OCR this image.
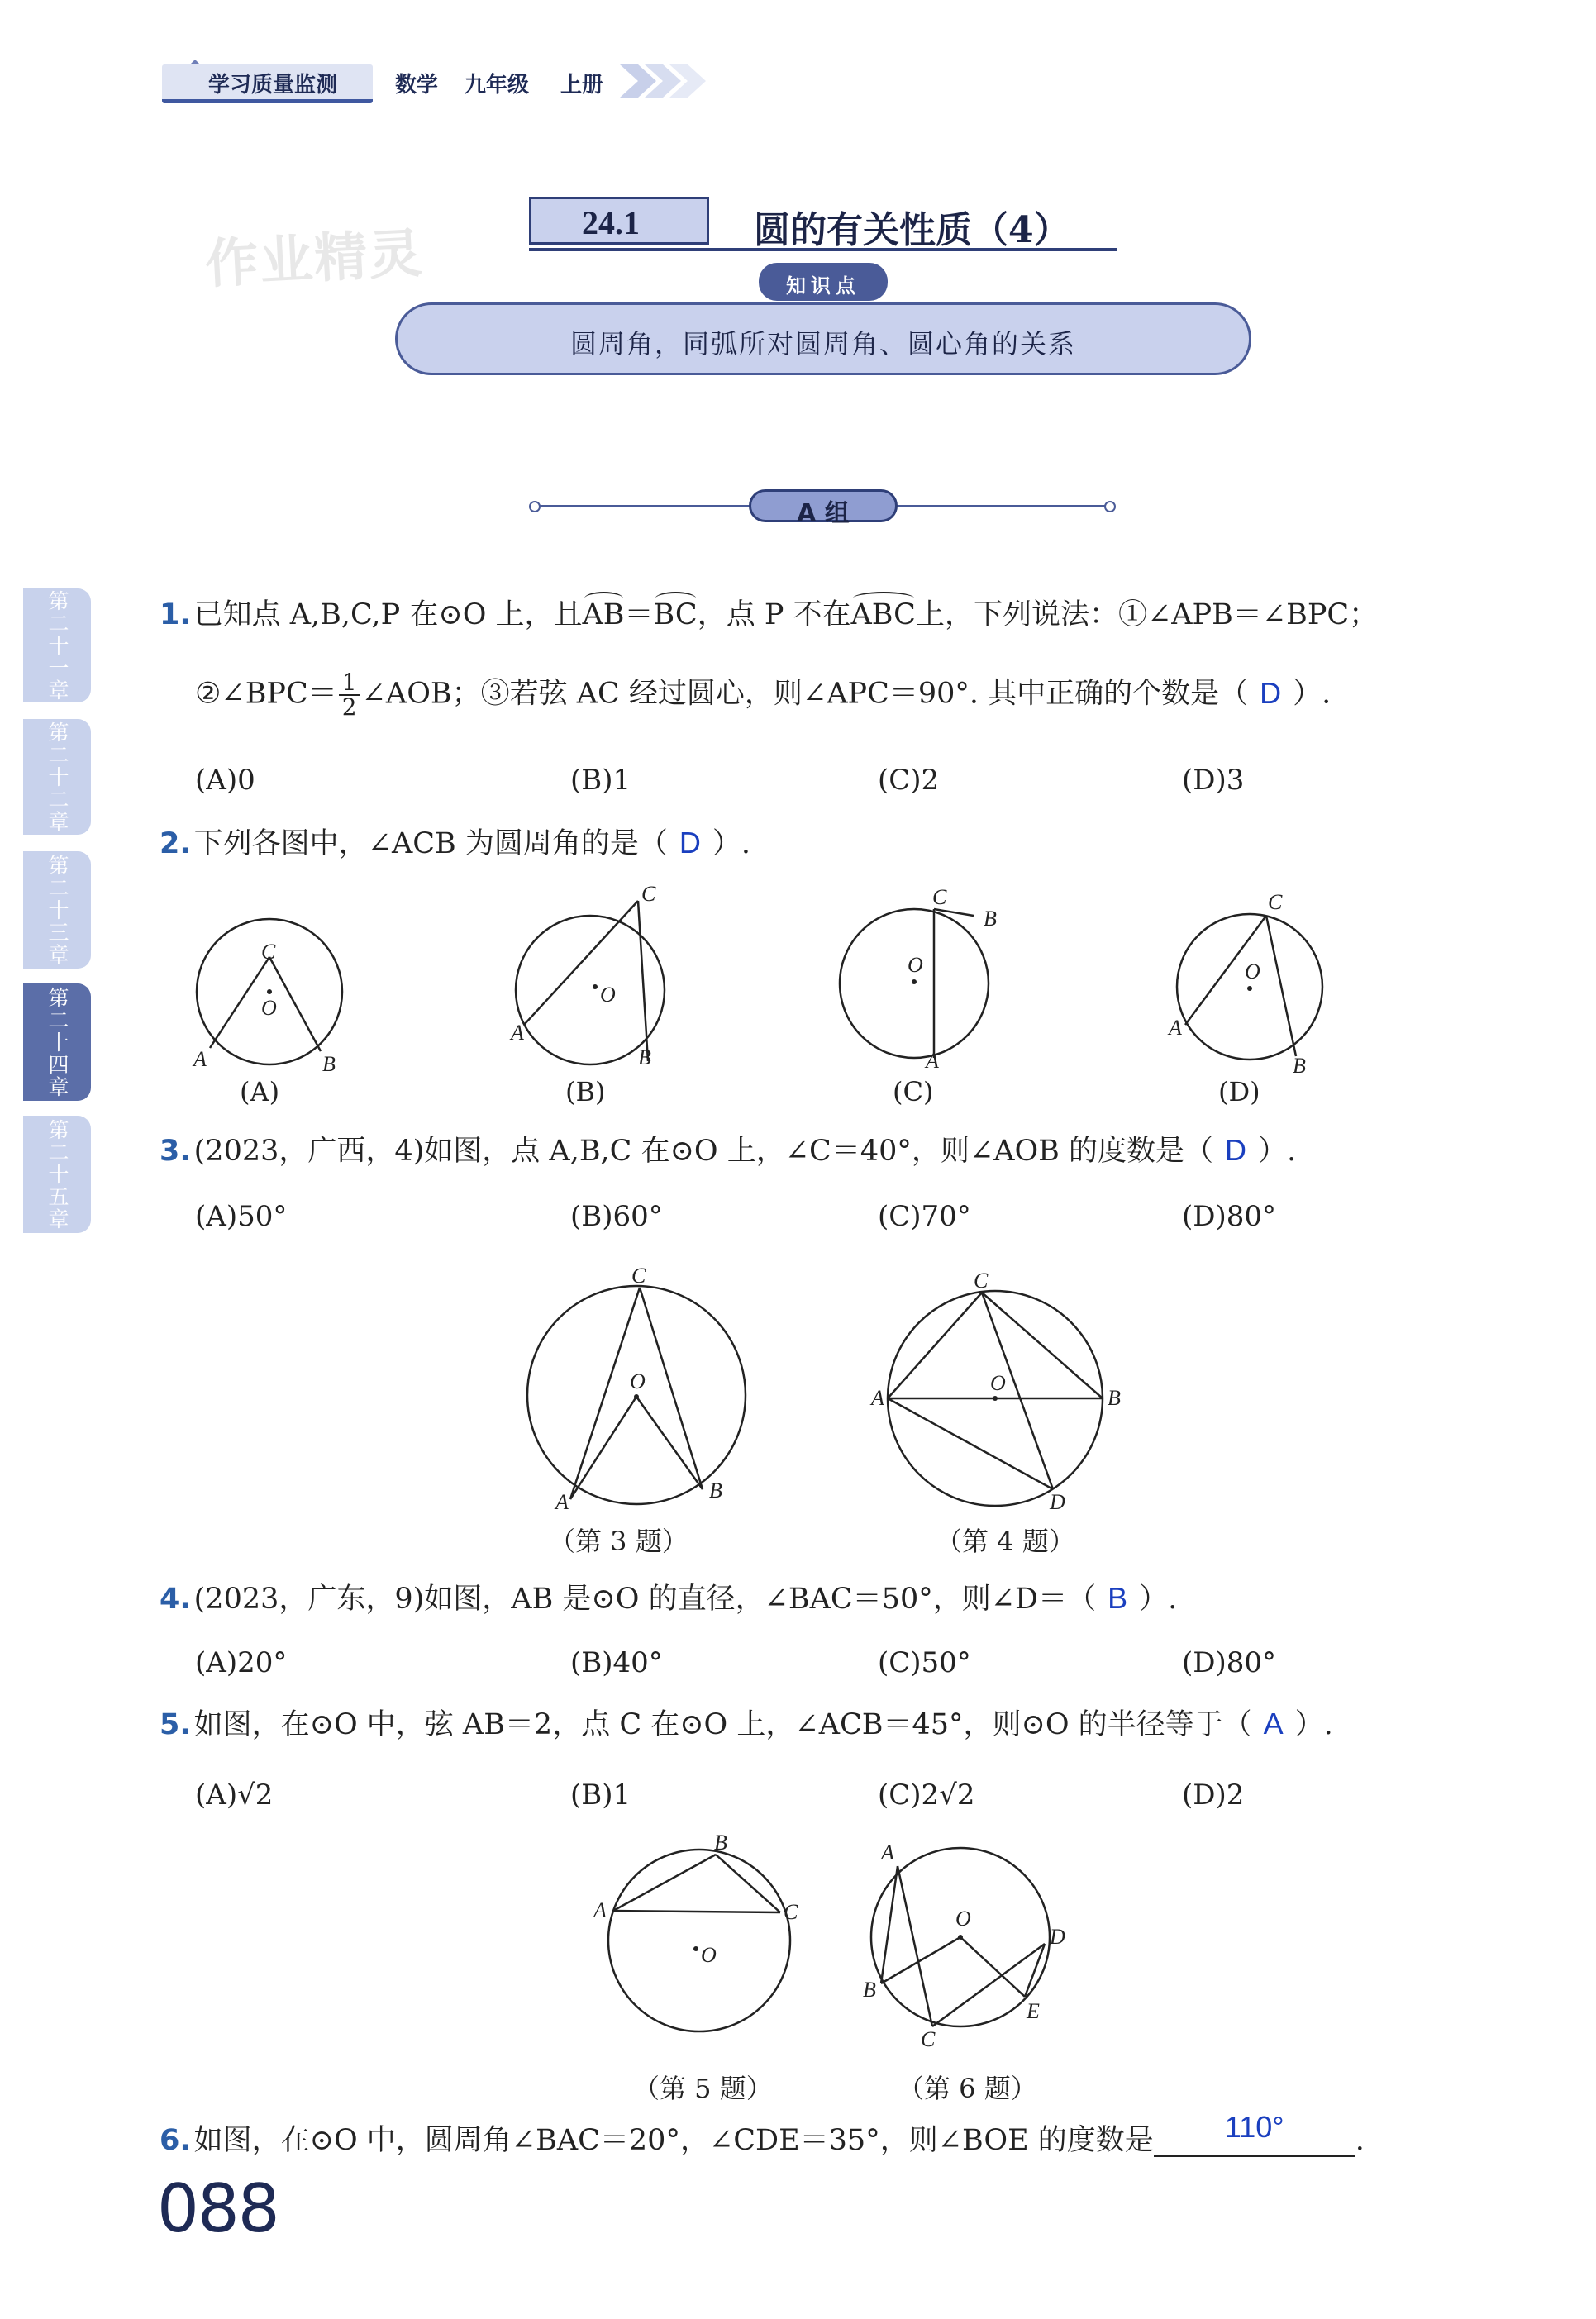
学习质量监测	数学 九年级 上册
作业精灵
24.1	圆的有关性质（4）
知识点
圆周角，同弧所对圆周角、圆心角的关系
A 组
第二十一章
第二十二章
第二十三章
第二十四章
第二十五章
1. 已知点 A,B,C,P 在⊙O 上，且AB＝BC，点 P 不在ABC上，下列说法：①∠APB＝∠BPC；
②∠BPC＝ $\frac{1}{2}$ ∠AOB；③若弦 AC 经过圆心，则∠APC＝90°. 其中正确的个数是（ D ）.
(A)0	(B)1	(C)2	(D)3
2. 下列各图中，∠ACB 为圆周角的是（ D ）.
C
O
A	B
(A)
C
O
A
B
(B)
C
B
O
A
(C)
C
O
A
B
(D)
3. (2023，广西，4)如图，点 A,B,C 在⊙O 上，∠C＝40°，则∠AOB 的度数是（ D ）.
(A)50°	(B)60°	(C)70°	(D)80°
C
O
A	B
（第 3 题）
C
O
A	B
D
（第 4 题）
4. (2023，广东，9)如图，AB 是⊙O 的直径，∠BAC＝50°，则∠D＝（ B ）.
(A)20°	(B)40°	(C)50°	(D)80°
5. 如图，在⊙O 中，弦 AB＝2，点 C 在⊙O 上，∠ACB＝45°，则⊙O 的半径等于（ A ）.
(A)√2	(B)1	(C)2√2	(D)2
B
A	C
O
（第 5 题）
A
O
D
B
E
C
（第 6 题）
6. 如图，在⊙O 中，圆周角∠BAC＝20°，∠CDE＝35°，则∠BOE 的度数是 110° .
088
